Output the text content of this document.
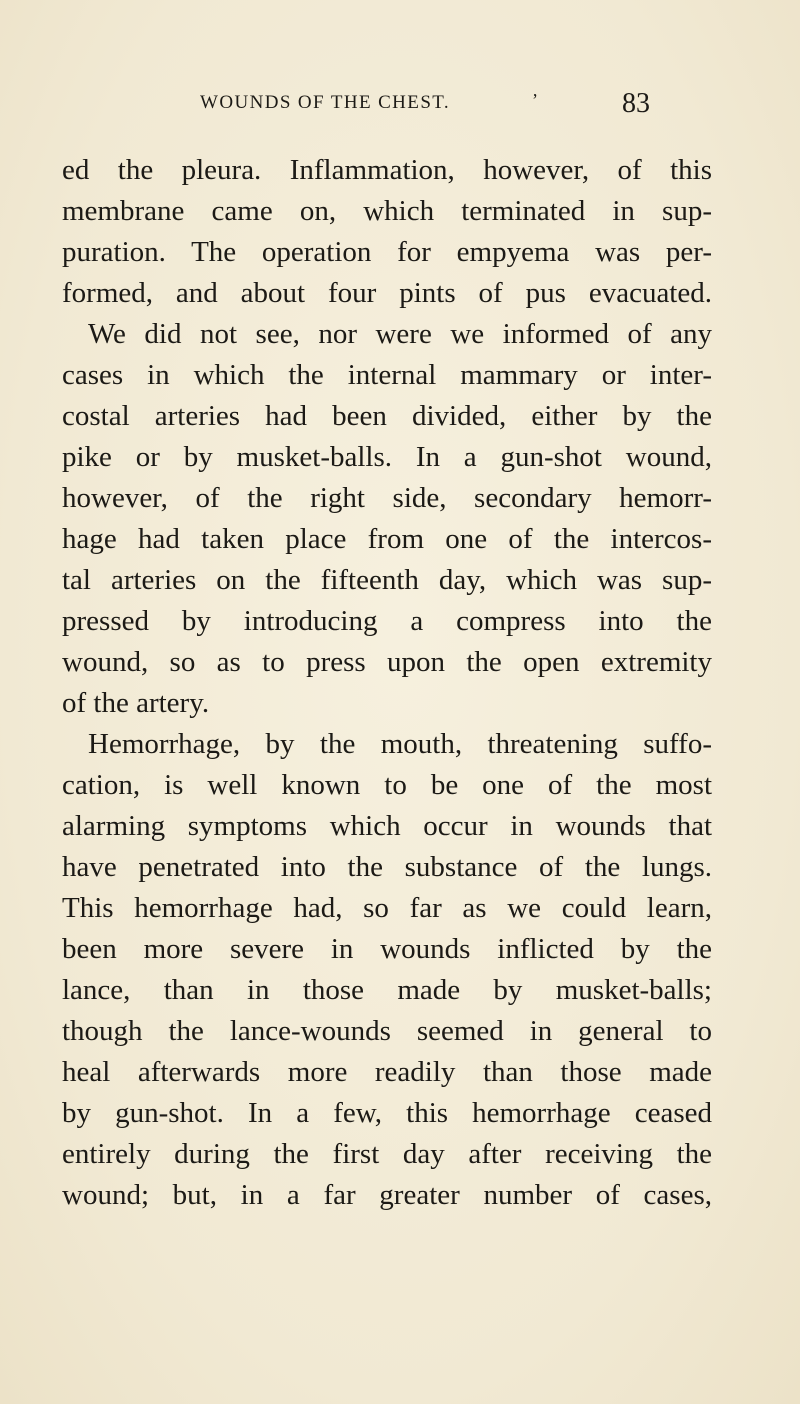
WOUNDS OF THE CHEST.	’	83
ed the pleura. Inflammation, however, of this
membrane came on, which terminated in sup-
puration. The operation for empyema was per-
formed, and about four pints of pus evacuated.
We did not see, nor were we informed of any
cases in which the internal mammary or inter-
costal arteries had been divided, either by the
pike or by musket-balls. In a gun-shot wound,
however, of the right side, secondary hemorr-
hage had taken place from one of the intercos-
tal arteries on the fifteenth day, which was sup-
pressed by introducing a compress into the
wound, so as to press upon the open extremity
of the artery.
Hemorrhage, by the mouth, threatening suffo-
cation, is well known to be one of the most
alarming symptoms which occur in wounds that
have penetrated into the substance of the lungs.
This hemorrhage had, so far as we could learn,
been more severe in wounds inflicted by the
lance, than in those made by musket-balls;
though the lance-wounds seemed in general to
heal afterwards more readily than those made
by gun-shot. In a few, this hemorrhage ceased
entirely during the first day after receiving the
wound; but, in a far greater number of cases,
